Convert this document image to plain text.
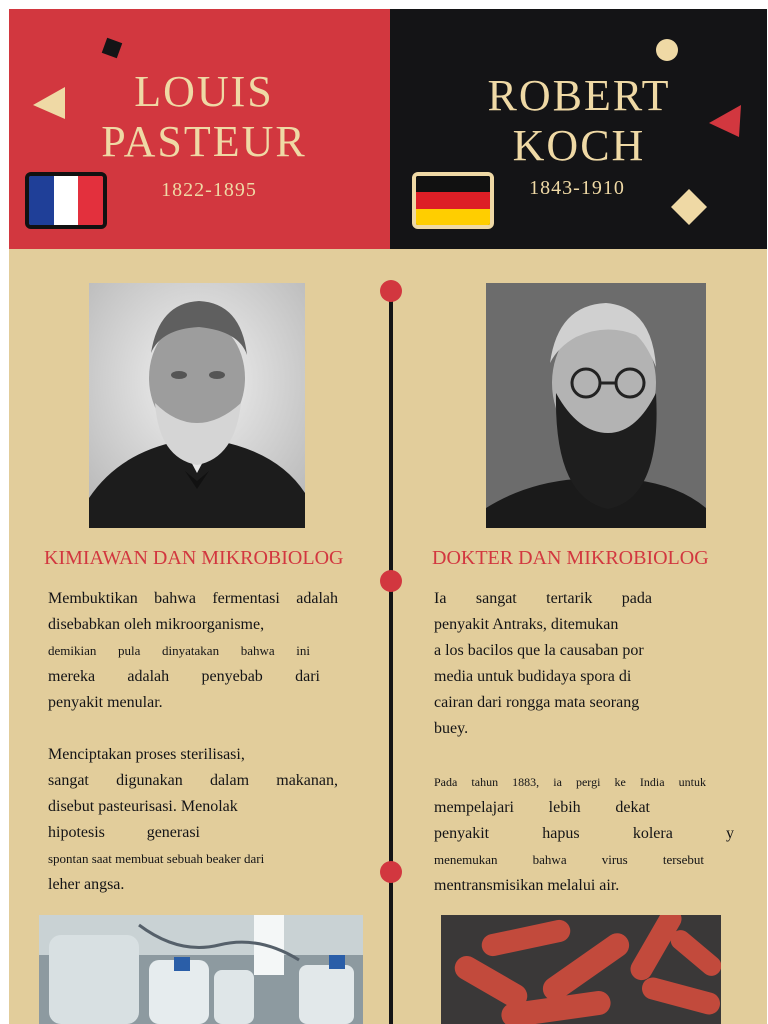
LOUIS
PASTEUR
1822-1895
ROBERT
KOCH
1843-1910
KIMIAWAN DAN MIKROBIOLOG	DOKTER DAN MIKROBIOLOG
Membuktikan bahwa fermentasi adalah
disebabkan oleh mikroorganisme,
demikian pula dinyatakan bahwa ini
mereka adalah penyebab dari
penyakit menular.
Menciptakan proses sterilisasi,
sangat digunakan dalam makanan,
disebut pasteurisasi. Menolak
hipotesis generasi
spontan saat membuat sebuah beaker dari
leher angsa.
Ia sangat tertarik pada
penyakit Antraks, ditemukan
a los bacilos que la causaban por
media untuk budidaya spora di
cairan dari rongga mata seorang
buey.
Pada tahun 1883, ia pergi ke India untuk
mempelajari lebih dekat
penyakit hapus kolera y
menemukan bahwa virus tersebut
mentransmisikan melalui air.
